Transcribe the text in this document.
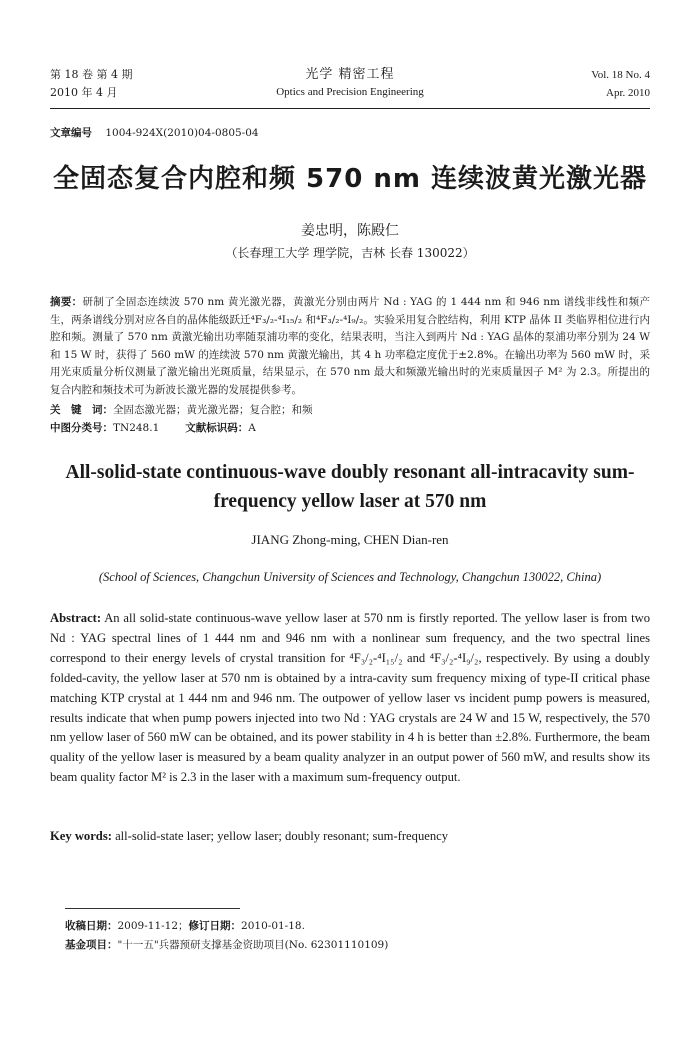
第 18 卷 第 4 期
2010 年 4 月
光学 精密工程
Optics and Precision Engineering
Vol. 18 No. 4
Apr. 2010
文章编号 1004-924X(2010)04-0805-04
全固态复合内腔和频 570 nm 连续波黄光激光器
姜忠明，陈殿仁
（长春理工大学 理学院，吉林 长春 130022）
摘要：研制了全固态连续波 570 nm 黄光激光器，黄激光分别由两片 Nd : YAG 的 1 444 nm 和 946 nm 谱线非线性和频产生，两条谱线分别对应各自的晶体能级跃迁⁴F₃/₂-⁴I₁₅/₂ 和⁴F₃/₂-⁴I₉/₂。实验采用复合腔结构，利用 KTP 晶体 II 类临界相位进行内腔和频。测量了 570 nm 黄激光输出功率随泵浦功率的变化，结果表明，当注入到两片 Nd : YAG 晶体的泵浦功率分别为 24 W 和 15 W 时，获得了 560 mW 的连续波 570 nm 黄激光输出，其 4 h 功率稳定度优于±2.8%。在输出功率为 560 mW 时，采用光束质量分析仪测量了激光输出光斑质量，结果显示，在 570 nm 最大和频激光输出时的光束质量因子 M² 为 2.3。所提出的复合内腔和频技术可为新波长激光器的发展提供参考。
关　键　词：全固态激光器；黄光激光器；复合腔；和频
中图分类号：TN248.1 文献标识码：A
All-solid-state continuous-wave doubly resonant all-intracavity sum-frequency yellow laser at 570 nm
JIANG Zhong-ming, CHEN Dian-ren
(School of Sciences, Changchun University of Sciences and Technology, Changchun 130022, China)
Abstract: An all solid-state continuous-wave yellow laser at 570 nm is firstly reported. The yellow laser is from two Nd : YAG spectral lines of 1 444 nm and 946 nm with a nonlinear sum frequency, and the two spectral lines correspond to their energy levels of crystal transition for ⁴F₃/₂-⁴I₁₅/₂ and ⁴F₃/₂-⁴I₉/₂, respectively. By using a doubly folded-cavity, the yellow laser at 570 nm is obtained by a intra-cavity sum frequency mixing of type-II critical phase matching KTP crystal at 1 444 nm and 946 nm. The outpower of yellow laser vs incident pump powers is measured, results indicate that when pump powers injected into two Nd : YAG crystals are 24 W and 15 W, respectively, the 570 nm yellow laser of 560 mW can be obtained, and its power stability in 4 h is better than ±2.8%. Furthermore, the beam quality of the yellow laser is measured by a beam quality analyzer in an output power of 560 mW, and results show its beam quality factor M² is 2.3 in the laser with a maximum sum-frequency output.
Key words: all-solid-state laser; yellow laser; doubly resonant; sum-frequency
收稿日期：2009-11-12；修订日期：2010-01-18.
基金项目："十一五"兵器预研支撑基金资助项目(No. 62301110109)
